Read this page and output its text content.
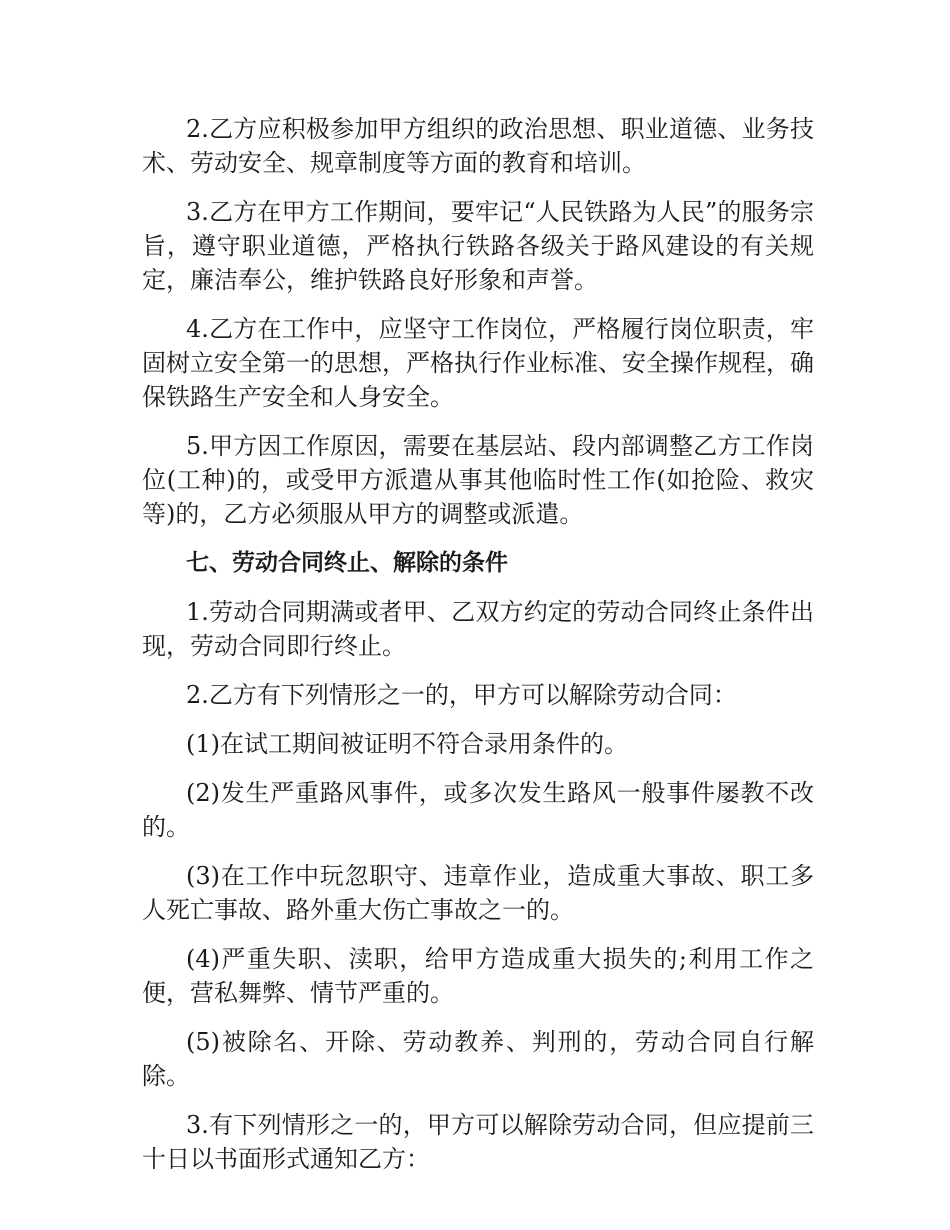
2.乙方应积极参加甲方组织的政治思想、职业道德、业务技术、劳动安全、规章制度等方面的教育和培训。

3.乙方在甲方工作期间，要牢记“人民铁路为人民”的服务宗旨，遵守职业道德，严格执行铁路各级关于路风建设的有关规定，廉洁奉公，维护铁路良好形象和声誉。

4.乙方在工作中，应坚守工作岗位，严格履行岗位职责，牢固树立安全第一的思想，严格执行作业标准、安全操作规程，确保铁路生产安全和人身安全。

5.甲方因工作原因，需要在基层站、段内部调整乙方工作岗位(工种)的，或受甲方派遣从事其他临时性工作(如抢险、救灾等)的，乙方必须服从甲方的调整或派遣。

七、劳动合同终止、解除的条件

1.劳动合同期满或者甲、乙双方约定的劳动合同终止条件出现，劳动合同即行终止。

2.乙方有下列情形之一的，甲方可以解除劳动合同：

(1)在试工期间被证明不符合录用条件的。

(2)发生严重路风事件，或多次发生路风一般事件屡教不改的。

(3)在工作中玩忽职守、违章作业，造成重大事故、职工多人死亡事故、路外重大伤亡事故之一的。

(4)严重失职、渎职，给甲方造成重大损失的;利用工作之便，营私舞弊、情节严重的。

(5)被除名、开除、劳动教养、判刑的，劳动合同自行解除。

3.有下列情形之一的，甲方可以解除劳动合同，但应提前三十日以书面形式通知乙方：
